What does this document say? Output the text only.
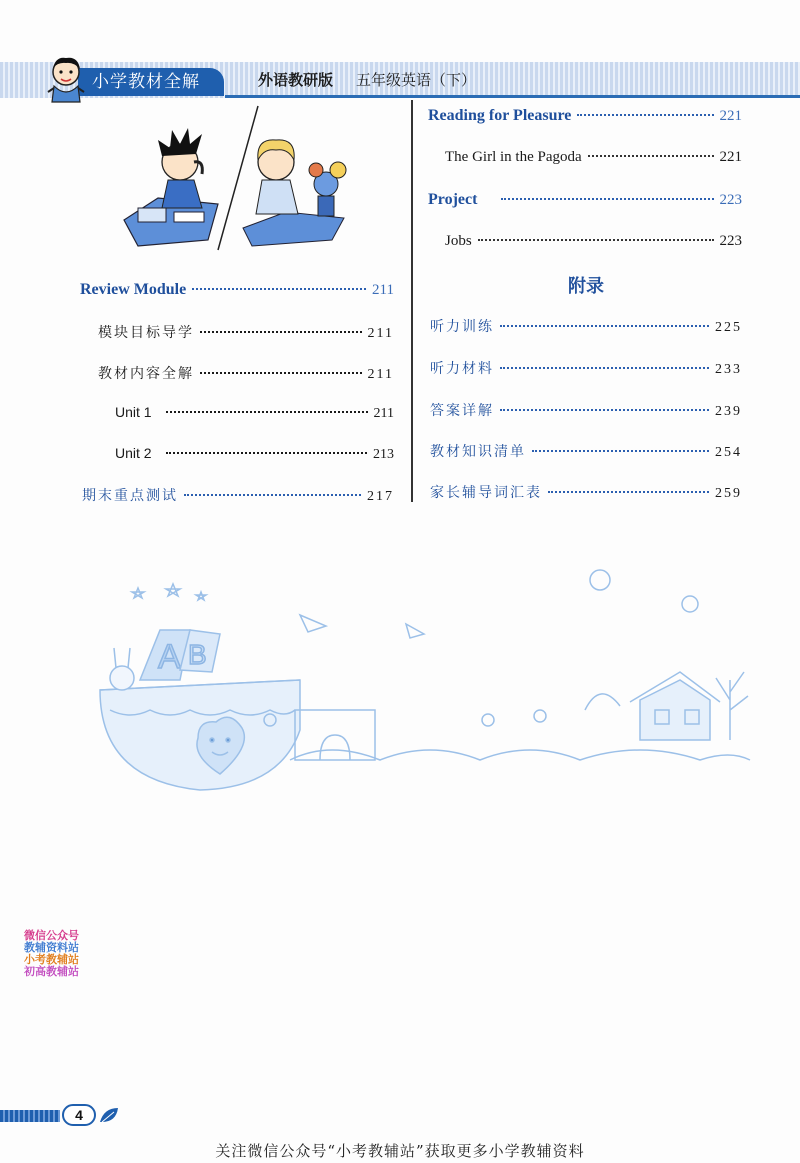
小学教材全解	外语教研版 五年级英语（下）
Review Module	211
模块目标导学	211
教材内容全解	211
Unit 1	211
Unit 2	213
期末重点测试	217
Reading for Pleasure	221
The Girl in the Pagoda	221
Project	223
Jobs	223
附录
听力训练	225
听力材料	233
答案详解	239
教材知识清单	254
家长辅导词汇表	259
A B
微信公众号
教辅资料站
小考教辅站
初高教辅站
4
关注微信公众号“小考教辅站”获取更多小学教辅资料
